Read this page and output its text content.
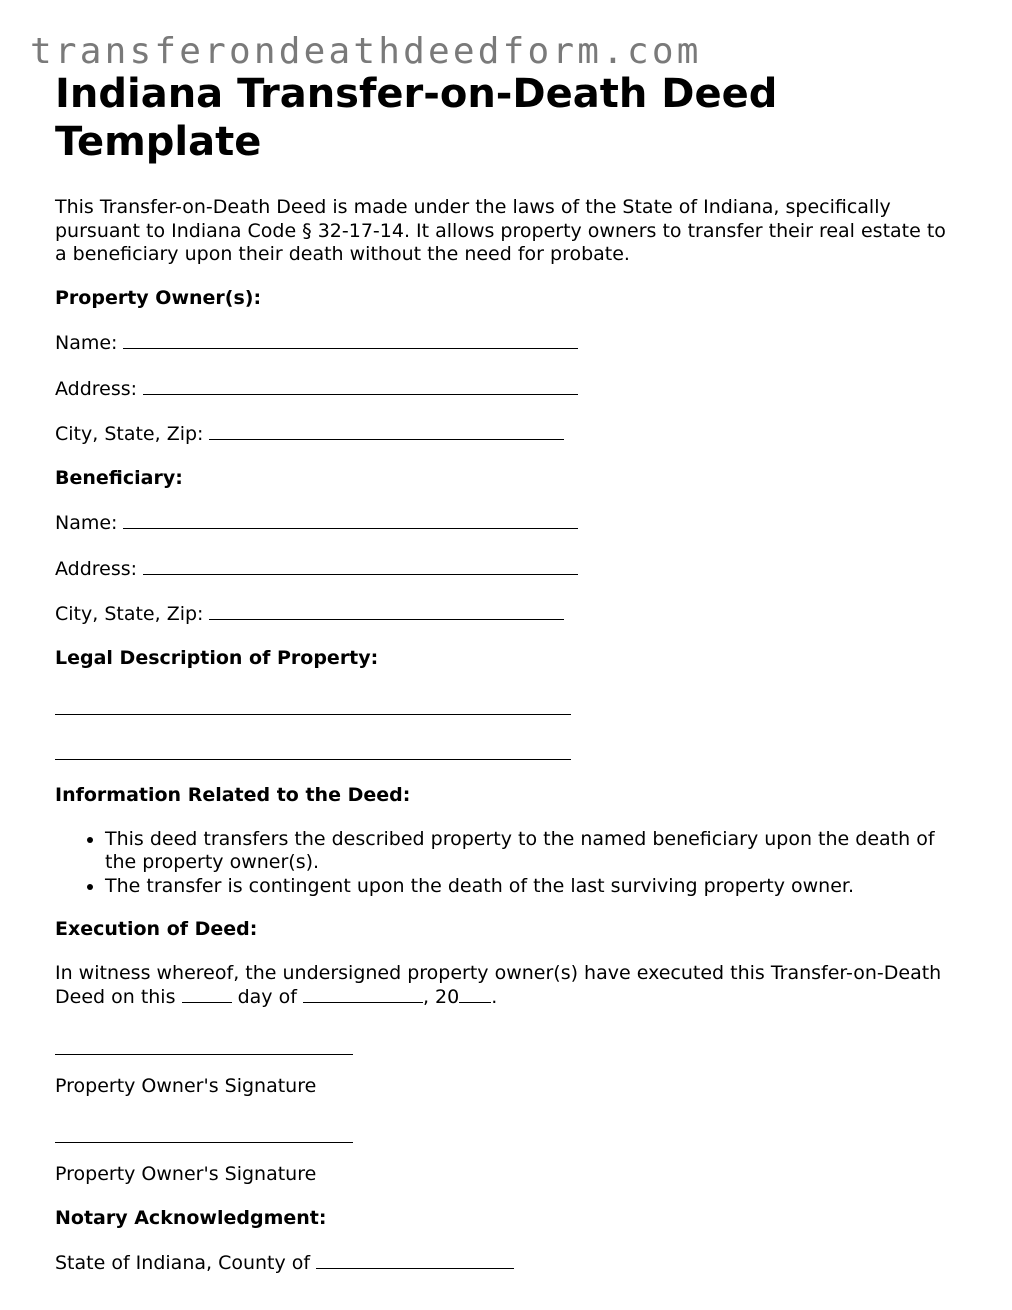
transferondeathdeedform.com
Indiana Transfer-on-Death Deed Template

This Transfer-on-Death Deed is made under the laws of the State of Indiana, specifically pursuant to Indiana Code § 32-17-14. It allows property owners to transfer their real estate to a beneficiary upon their death without the need for probate.

Property Owner(s):
Name:
Address:
City, State, Zip:
Beneficiary:
Name:
Address:
City, State, Zip:
Legal Description of Property:
Information Related to the Deed:
• This deed transfers the described property to the named beneficiary upon the death of the property owner(s).
• The transfer is contingent upon the death of the last surviving property owner.
Execution of Deed:

In witness whereof, the undersigned property owner(s) have executed this Transfer-on-Death Deed on this	day of	, 20 .

Property Owner's Signature

Property Owner's Signature

Notary Acknowledgment:
State of Indiana, County of
